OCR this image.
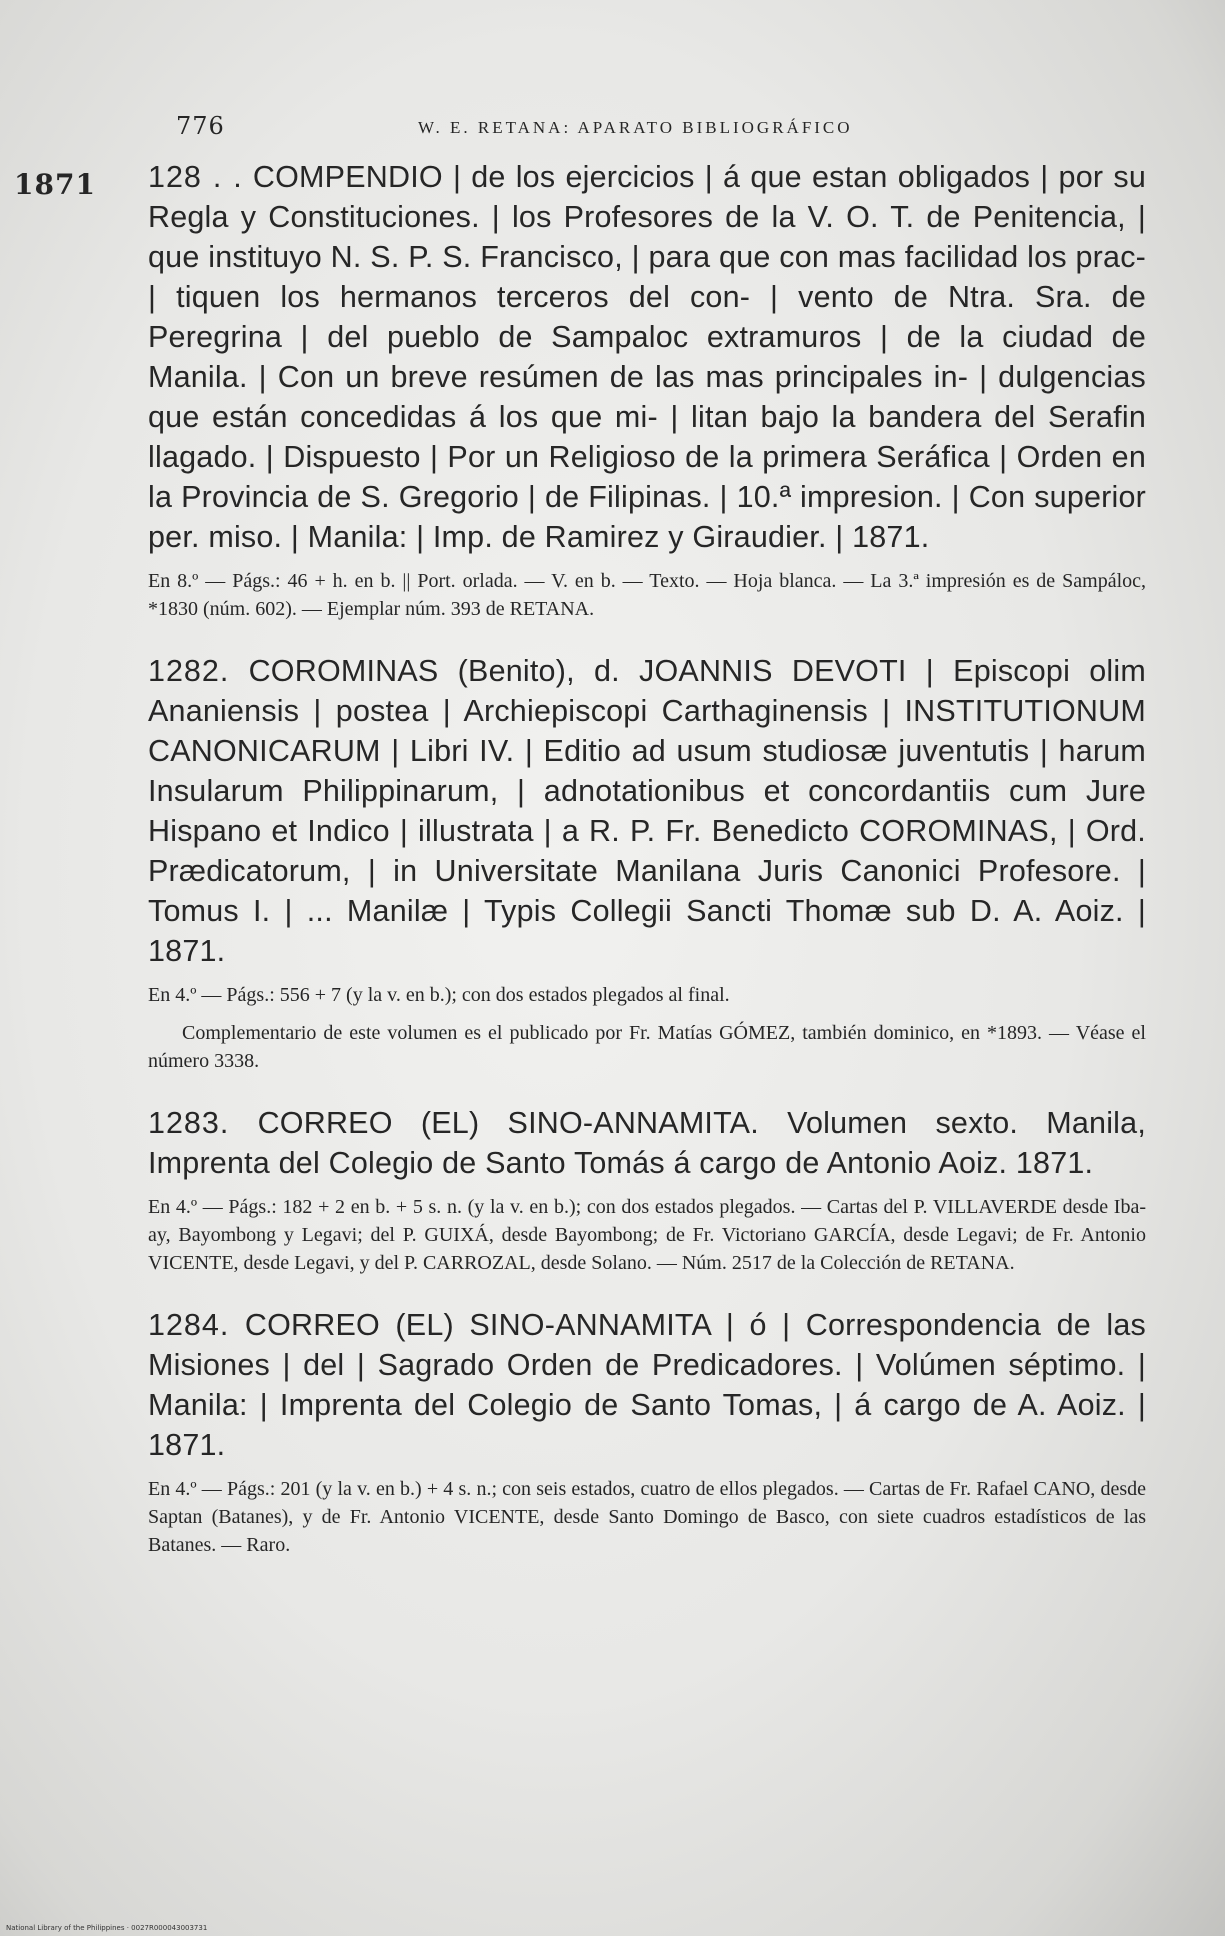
776	W. E. RETANA: APARATO BIBLIOGRÁFICO
1871 128 . . COMPENDIO | de los ejercicios | á que estan obligados | por su Regla y Constituciones. | los Profesores de la V. O. T. de Penitencia, | que instituyo N. S. P. S. Francisco, | para que con mas facilidad los prac- | tiquen los hermanos terceros del con- | vento de Ntra. Sra. de Peregrina | del pueblo de Sampaloc extramuros | de la ciudad de Manila. | Con un breve resúmen de las mas principales in- | dulgencias que están concedidas á los que mi- | litan bajo la bandera del Serafin llagado. | Dispuesto | Por un Religioso de la primera Seráfica | Orden en la Provincia de S. Gregorio | de Filipinas. | 10.ª impresion. | Con superior per. miso. | Manila: | Imp. de Ramirez y Giraudier. | 1871.

En 8.º — Págs.: 46 + h. en b. || Port. orlada. — V. en b. — Texto. — Hoja blanca. — La 3.ª impresión es de Sampáloc, *1830 (núm. 602). — Ejemplar núm. 393 de RETANA.

1282. COROMINAS (Benito), d. JOANNIS DEVOTI | Episcopi olim Ananiensis | postea | Archiepiscopi Carthaginensis | INSTITUTIONUM CANONICARUM | Libri IV. | Editio ad usum studiosæ juventutis | harum Insularum Philippinarum, | adnotationibus et concordantiis cum Jure Hispano et Indico | illustrata | a R. P. Fr. Benedicto COROMINAS, | Ord. Prædicatorum, | in Universitate Manilana Juris Canonici Profesore. | Tomus I. | ... Manilæ | Typis Collegii Sancti Thomæ sub D. A. Aoiz. | 1871.

En 4.º — Págs.: 556 + 7 (y la v. en b.); con dos estados plegados al final.

Complementario de este volumen es el publicado por Fr. Matías GÓMEZ, también dominico, en *1893. — Véase el número 3338.

1283. CORREO (EL) SINO-ANNAMITA. Volumen sexto. Manila, Imprenta del Colegio de Santo Tomás á cargo de Antonio Aoiz. 1871.

En 4.º — Págs.: 182 + 2 en b. + 5 s. n. (y la v. en b.); con dos estados plegados. — Cartas del P. VILLAVERDE desde Iba-ay, Bayombong y Legavi; del P. GUIXÁ, desde Bayombong; de Fr. Victoriano GARCÍA, desde Legavi; de Fr. Antonio VICENTE, desde Legavi, y del P. CARROZAL, desde Solano. — Núm. 2517 de la Colección de RETANA.

1284. CORREO (EL) SINO-ANNAMITA | ó | Correspondencia de las Misiones | del | Sagrado Orden de Predicadores. | Volúmen séptimo. | Manila: | Imprenta del Colegio de Santo Tomas, | á cargo de A. Aoiz. | 1871.

En 4.º — Págs.: 201 (y la v. en b.) + 4 s. n.; con seis estados, cuatro de ellos plegados. — Cartas de Fr. Rafael CANO, desde Saptan (Batanes), y de Fr. Antonio VICENTE, desde Santo Domingo de Basco, con siete cuadros estadísticos de las Batanes. — Raro.

National Library of the Philippines · 0027R000043003731
